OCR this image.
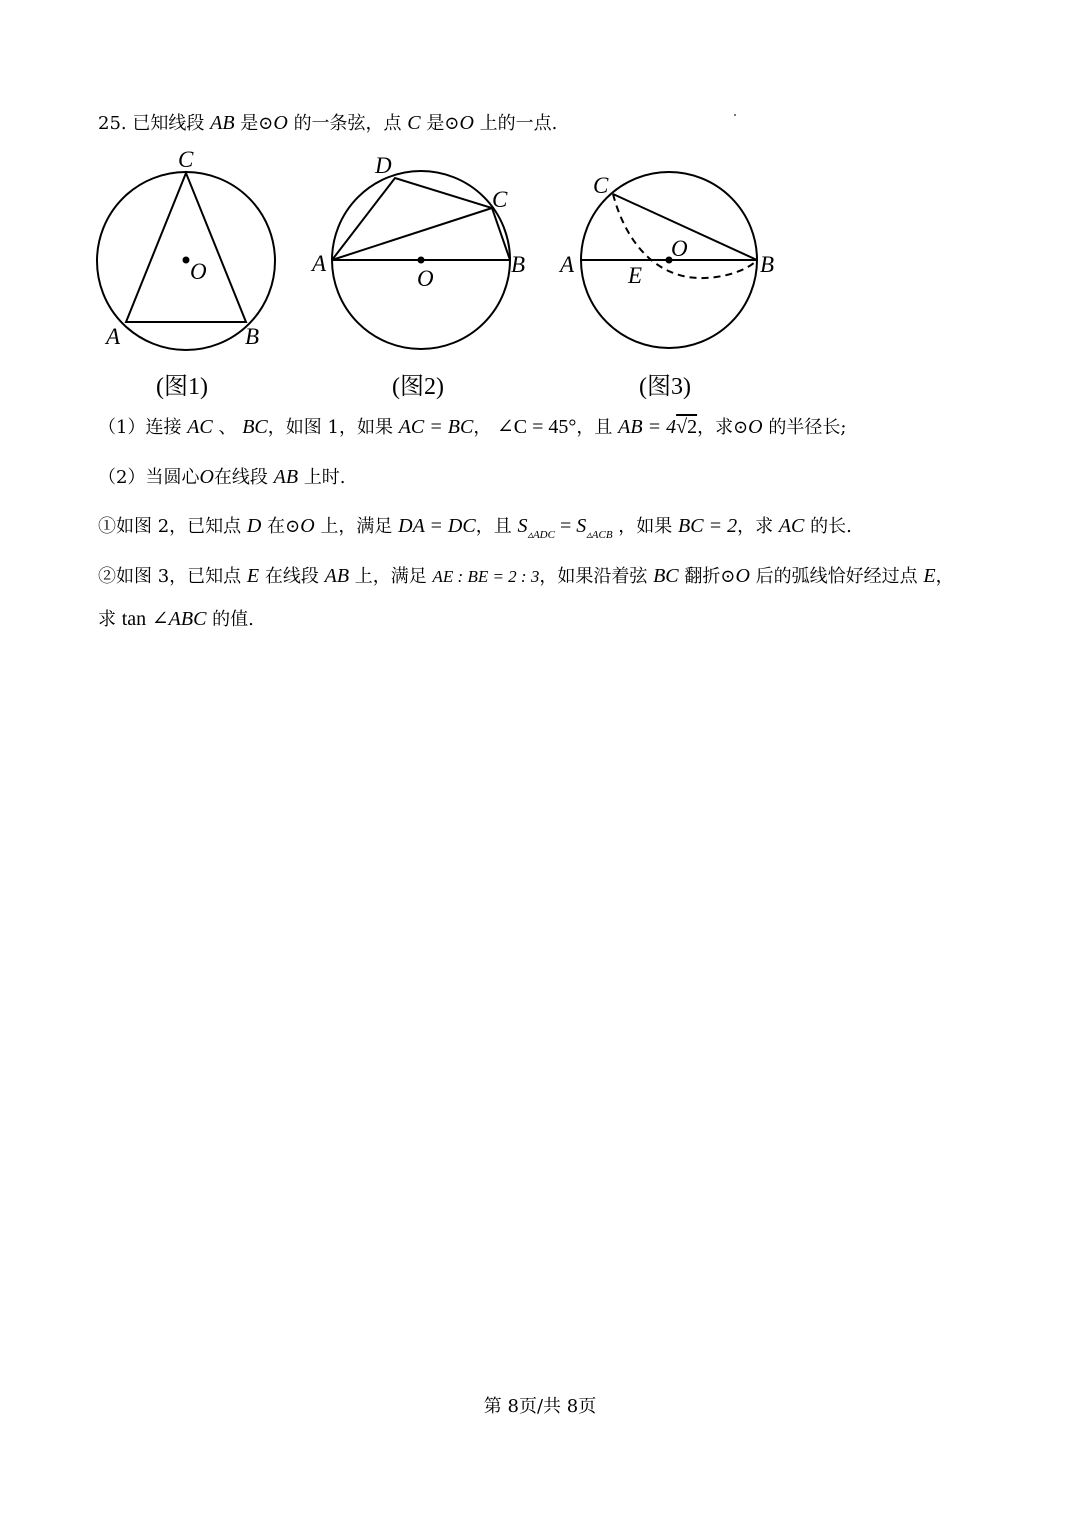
25. 已知线段 AB 是⊙O 的一条弦，点 C 是⊙O 上的一点.
C
O
A	B
(图1)
D
C
A
O
B
(图2)
C
O
A E	B
(图3)
（1）连接 AC 、 BC，如图 1，如果 AC = BC， ∠C = 45°，且 AB = 4√2，求⊙O 的半径长;
（2）当圆心O在线段 AB 上时.
①如图 2，已知点 D 在⊙O 上，满足 DA = DC，且 $S_{▵ADC} = S_{▵ACB}$ ，如果 BC = 2，求 AC 的长.
②如图 3，已知点 E 在线段 AB 上，满足 AE : BE = 2 : 3，如果沿着弦 BC 翻折⊙O 后的弧线恰好经过点 E，
求 tan ∠ABC 的值.
第 8页/共 8页
